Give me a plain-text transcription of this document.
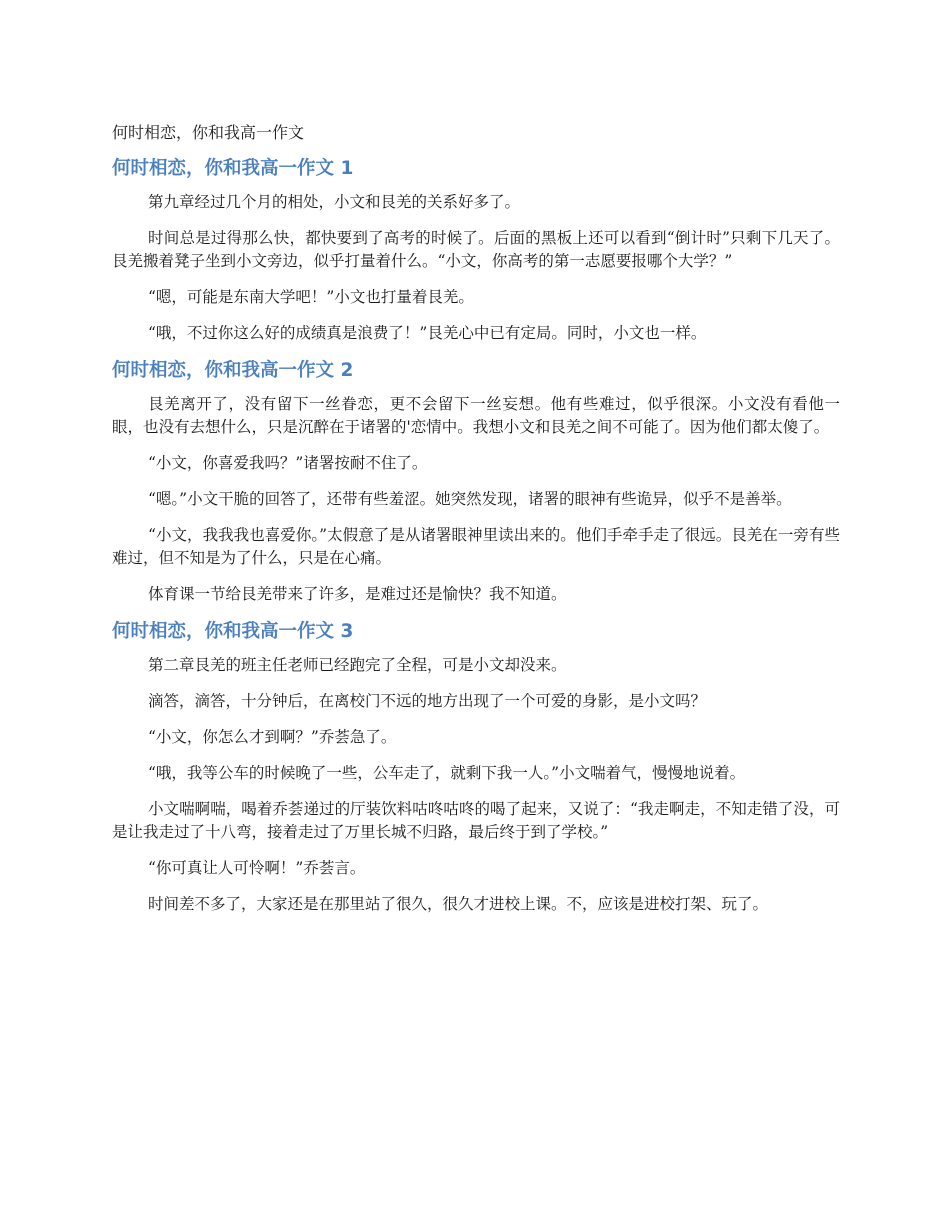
何时相恋，你和我高一作文
何时相恋，你和我高一作文 1

第九章经过几个月的相处，小文和艮羌的关系好多了。

时间总是过得那么快，都快要到了高考的时候了。后面的黑板上还可以看到“倒计时”只剩下几天了。艮羌搬着凳子坐到小文旁边，似乎打量着什么。“小文，你高考的第一志愿要报哪个大学？”

“嗯，可能是东南大学吧！”小文也打量着艮羌。

“哦，不过你这么好的成绩真是浪费了！”艮羌心中已有定局。同时，小文也一样。

何时相恋，你和我高一作文 2

艮羌离开了，没有留下一丝眷恋，更不会留下一丝妄想。他有些难过，似乎很深。小文没有看他一眼，也没有去想什么，只是沉醉在于诸署的'恋情中。我想小文和艮羌之间不可能了。因为他们都太傻了。

“小文，你喜爱我吗？”诸署按耐不住了。

“嗯。”小文干脆的回答了，还带有些羞涩。她突然发现，诸署的眼神有些诡异，似乎不是善举。

“小文，我我我也喜爱你。”太假意了是从诸署眼神里读出来的。他们手牵手走了很远。艮羌在一旁有些难过，但不知是为了什么，只是在心痛。

体育课一节给艮羌带来了许多，是难过还是愉快？我不知道。

何时相恋，你和我高一作文 3

第二章艮羌的班主任老师已经跑完了全程，可是小文却没来。

滴答，滴答，十分钟后，在离校门不远的地方出现了一个可爱的身影，是小文吗？

“小文，你怎么才到啊？”乔荟急了。

“哦，我等公车的时候晚了一些，公车走了，就剩下我一人。”小文喘着气，慢慢地说着。

小文喘啊喘，喝着乔荟递过的厅装饮料咕咚咕咚的喝了起来，又说了：“我走啊走，不知走错了没，可是让我走过了十八弯，接着走过了万里长城不归路，最后终于到了学校。”

“你可真让人可怜啊！”乔荟言。

时间差不多了，大家还是在那里站了很久，很久才进校上课。不，应该是进校打架、玩了。
